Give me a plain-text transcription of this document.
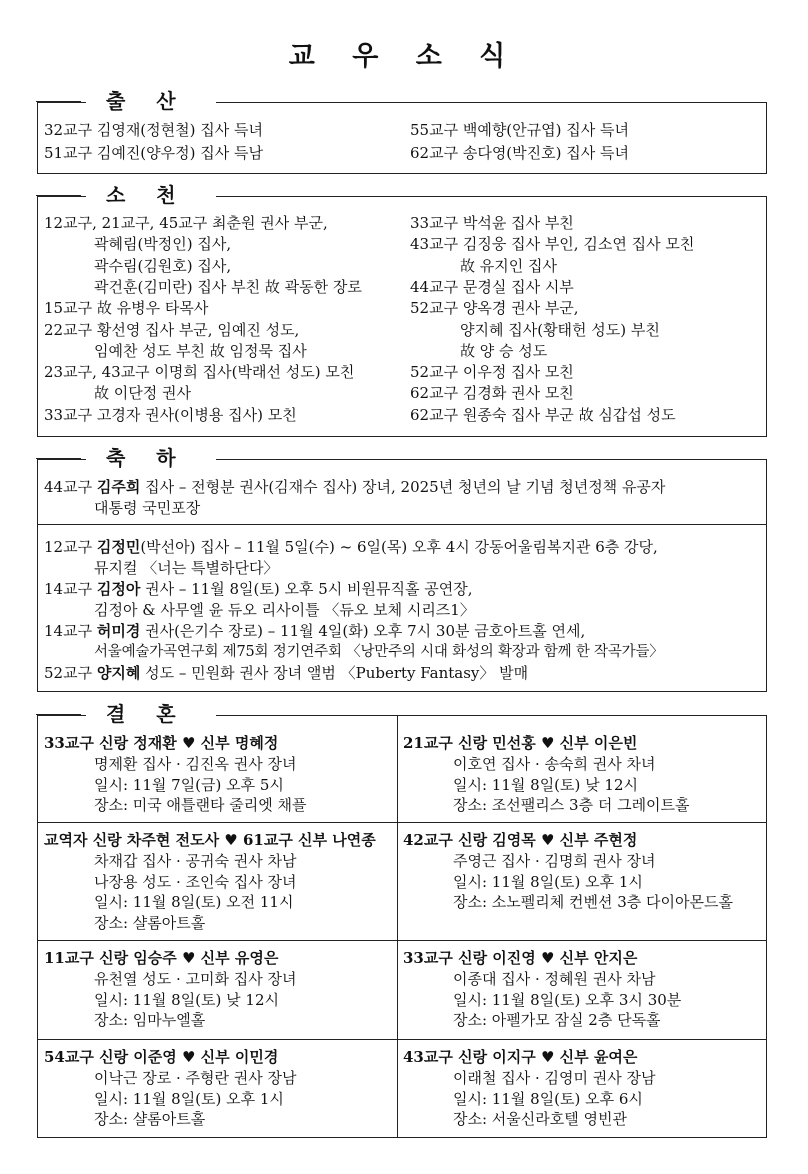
교 우 소 식
출 산
32교구 김영재(정현철) 집사 득녀
51교구 김예진(양우정) 집사 득남
55교구 백예향(안규엽) 집사 득녀
62교구 송다영(박진호) 집사 득녀
소 천
12교구, 21교구, 45교구 최춘원 권사 부군,
곽혜림(박정인) 집사,
곽수림(김원호) 집사,
곽건훈(김미란) 집사 부친 故 곽동한 장로
15교구 故 유병우 타목사
22교구 황선영 집사 부군, 임예진 성도,
임예찬 성도 부친 故 임정묵 집사
23교구, 43교구 이명희 집사(박래선 성도) 모친
故 이단정 권사
33교구 고경자 권사(이병용 집사) 모친
33교구 박석윤 집사 부친
43교구 김징웅 집사 부인, 김소연 집사 모친
故 유지인 집사
44교구 문경실 집사 시부
52교구 양옥경 권사 부군,
양지혜 집사(황태헌 성도) 부친
故 양 승 성도
52교구 이우정 집사 모친
62교구 김경화 권사 모친
62교구 원종숙 집사 부군 故 심갑섭 성도
축 하
44교구 김주희 집사 – 전형분 권사(김재수 집사) 장녀, 2025년 청년의 날 기념 청년정책 유공자
대통령 국민포장
12교구 김정민(박선아) 집사 – 11월 5일(수) ~ 6일(목) 오후 4시 강동어울림복지관 6층 강당,
뮤지컬 〈너는 특별하단다〉
14교구 김정아 권사 – 11월 8일(토) 오후 5시 비원뮤직홀 공연장,
김정아 & 사무엘 윤 듀오 리사이틀 〈듀오 보체 시리즈1〉
14교구 허미경 권사(은기수 장로) – 11월 4일(화) 오후 7시 30분 금호아트홀 연세,
서울예술가곡연구회 제75회 정기연주회 〈낭만주의 시대 화성의 확장과 함께 한 작곡가들〉
52교구 양지혜 성도 – 민원화 권사 장녀 앨범 〈Puberty Fantasy〉 발매
결 혼
33교구 신랑 정재환 ♥ 신부 명혜정
명제환 집사 · 김진옥 권사 장녀
일시: 11월 7일(금) 오후 5시
장소: 미국 애틀랜타 줄리엣 채플
21교구 신랑 민선홍 ♥ 신부 이은빈
이호연 집사 · 송숙희 권사 차녀
일시: 11월 8일(토) 낮 12시
장소: 조선팰리스 3층 더 그레이트홀
교역자 신랑 차주현 전도사 ♥ 61교구 신부 나연종
차재갑 집사 · 공귀숙 권사 차남
나장용 성도 · 조인숙 집사 장녀
일시: 11월 8일(토) 오전 11시
장소: 샬롬아트홀
42교구 신랑 김영목 ♥ 신부 주현정
주영근 집사 · 김명희 권사 장녀
일시: 11월 8일(토) 오후 1시
장소: 소노펠리체 컨벤션 3층 다이아몬드홀
11교구 신랑 임승주 ♥ 신부 유영은
유천열 성도 · 고미화 집사 장녀
일시: 11월 8일(토) 낮 12시
장소: 임마누엘홀
33교구 신랑 이진영 ♥ 신부 안지은
이종대 집사 · 정혜원 권사 차남
일시: 11월 8일(토) 오후 3시 30분
장소: 아펠가모 잠실 2층 단독홀
54교구 신랑 이준영 ♥ 신부 이민경
이낙근 장로 · 주형란 권사 장남
일시: 11월 8일(토) 오후 1시
장소: 샬롬아트홀
43교구 신랑 이지구 ♥ 신부 윤여은
이래철 집사 · 김영미 권사 장남
일시: 11월 8일(토) 오후 6시
장소: 서울신라호텔 영빈관
